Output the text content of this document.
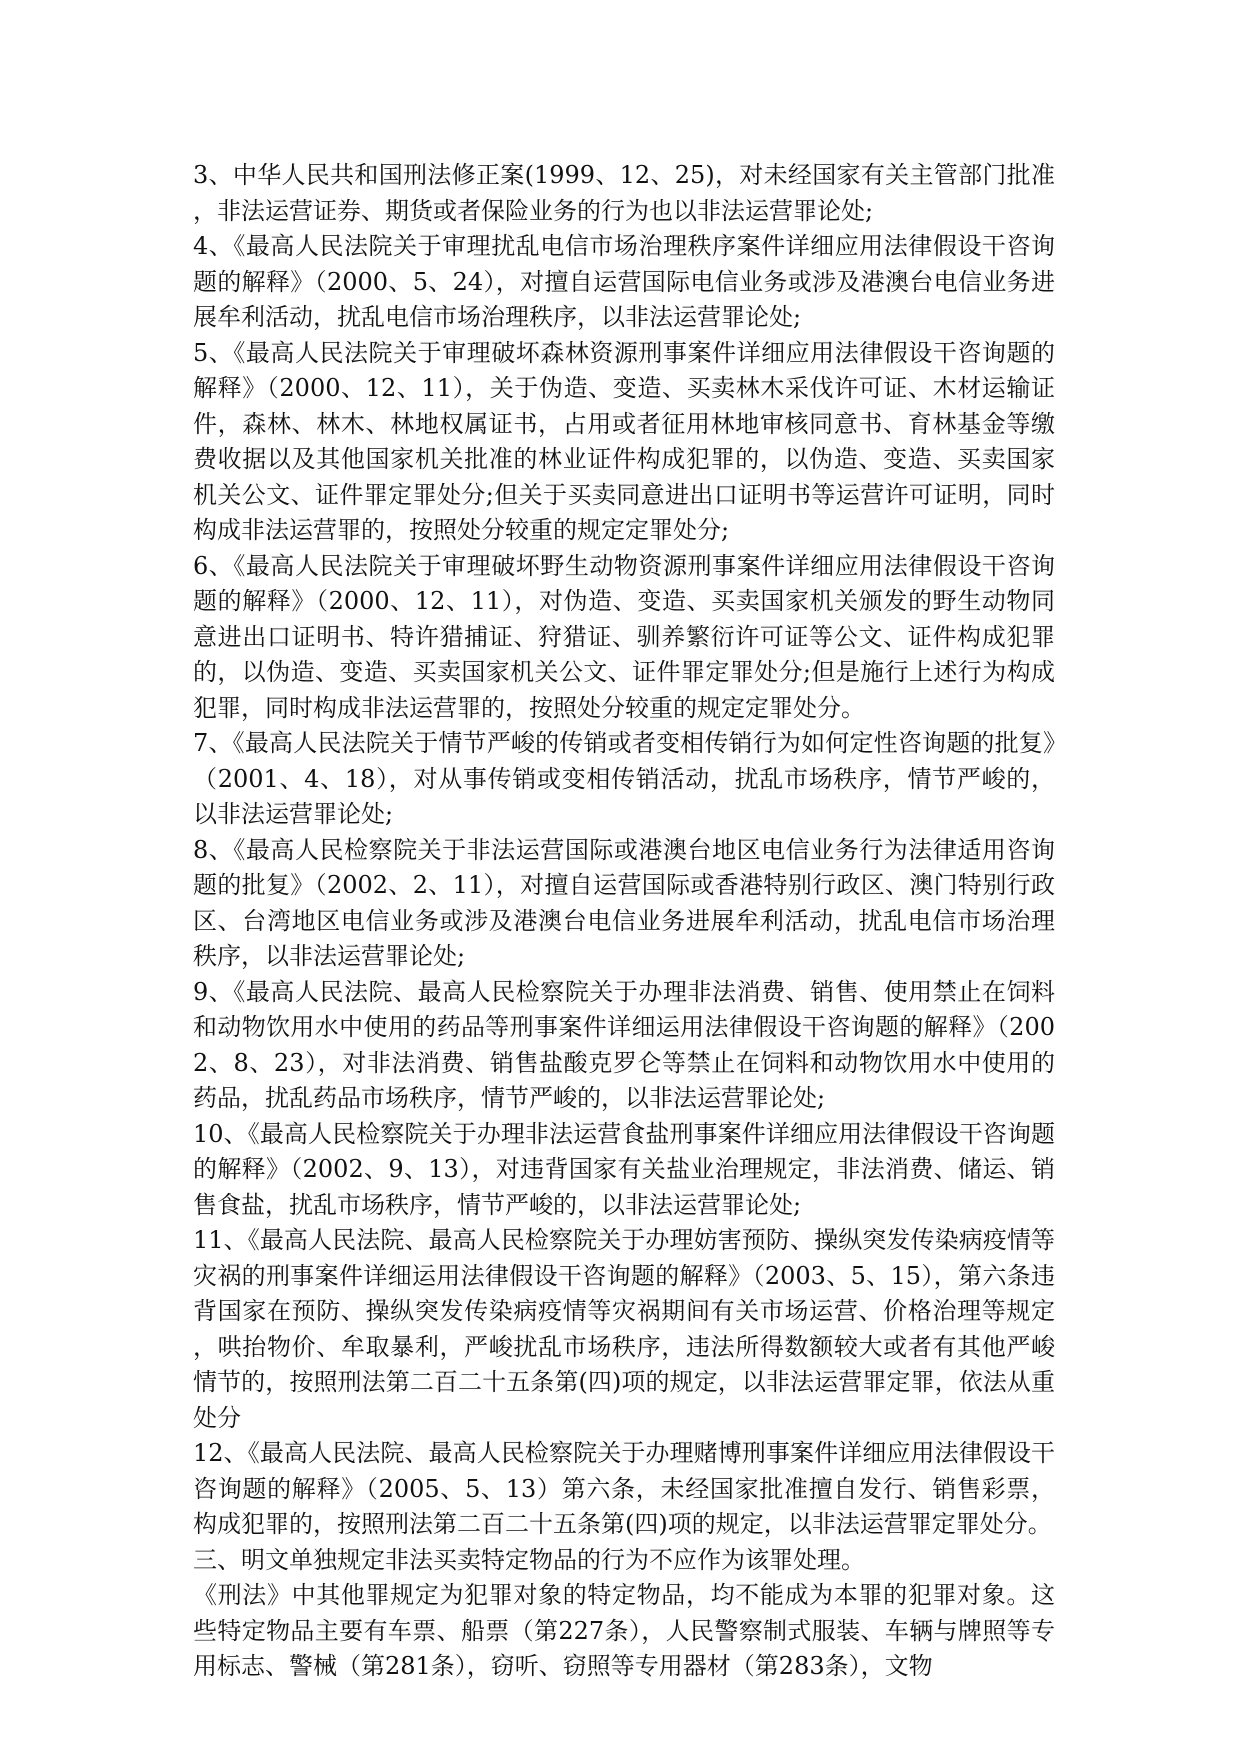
3、中华人民共和国刑法修正案(1999、12、25)，对未经国家有关主管部门批准，非法运营证券、期货或者保险业务的行为也以非法运营罪论处;

4、《最高人民法院关于审理扰乱电信市场治理秩序案件详细应用法律假设干咨询题的解释》（2000、5、24），对擅自运营国际电信业务或涉及港澳台电信业务进展牟利活动，扰乱电信市场治理秩序，以非法运营罪论处;

5、《最高人民法院关于审理破坏森林资源刑事案件详细应用法律假设干咨询题的解释》（2000、12、11），关于伪造、变造、买卖林木采伐许可证、木材运输证件，森林、林木、林地权属证书，占用或者征用林地审核同意书、育林基金等缴费收据以及其他国家机关批准的林业证件构成犯罪的，以伪造、变造、买卖国家机关公文、证件罪定罪处分;但关于买卖同意进出口证明书等运营许可证明，同时构成非法运营罪的，按照处分较重的规定定罪处分;

6、《最高人民法院关于审理破坏野生动物资源刑事案件详细应用法律假设干咨询题的解释》（2000、12、11），对伪造、变造、买卖国家机关颁发的野生动物同意进出口证明书、特许猎捕证、狩猎证、驯养繁衍许可证等公文、证件构成犯罪的，以伪造、变造、买卖国家机关公文、证件罪定罪处分;但是施行上述行为构成犯罪，同时构成非法运营罪的，按照处分较重的规定定罪处分。

7、《最高人民法院关于情节严峻的传销或者变相传销行为如何定性咨询题的批复》（2001、4、18），对从事传销或变相传销活动，扰乱市场秩序，情节严峻的，以非法运营罪论处;

8、《最高人民检察院关于非法运营国际或港澳台地区电信业务行为法律适用咨询题的批复》（2002、2、11），对擅自运营国际或香港特别行政区、澳门特别行政区、台湾地区电信业务或涉及港澳台电信业务进展牟利活动，扰乱电信市场治理秩序，以非法运营罪论处;

9、《最高人民法院、最高人民检察院关于办理非法消费、销售、使用禁止在饲料和动物饮用水中使用的药品等刑事案件详细运用法律假设干咨询题的解释》（2002、8、23），对非法消费、销售盐酸克罗仑等禁止在饲料和动物饮用水中使用的药品，扰乱药品市场秩序，情节严峻的，以非法运营罪论处;

10、《最高人民检察院关于办理非法运营食盐刑事案件详细应用法律假设干咨询题的解释》（2002、9、13），对违背国家有关盐业治理规定，非法消费、储运、销售食盐，扰乱市场秩序，情节严峻的，以非法运营罪论处;

11、《最高人民法院、最高人民检察院关于办理妨害预防、操纵突发传染病疫情等灾祸的刑事案件详细运用法律假设干咨询题的解释》（2003、5、15），第六条违背国家在预防、操纵突发传染病疫情等灾祸期间有关市场运营、价格治理等规定，哄抬物价、牟取暴利，严峻扰乱市场秩序，违法所得数额较大或者有其他严峻情节的，按照刑法第二百二十五条第(四)项的规定，以非法运营罪定罪，依法从重处分

12、《最高人民法院、最高人民检察院关于办理赌博刑事案件详细应用法律假设干咨询题的解释》（2005、5、13）第六条，未经国家批准擅自发行、销售彩票，构成犯罪的，按照刑法第二百二十五条第(四)项的规定，以非法运营罪定罪处分。

三、明文单独规定非法买卖特定物品的行为不应作为该罪处理。

《刑法》中其他罪规定为犯罪对象的特定物品，均不能成为本罪的犯罪对象。这些特定物品主要有车票、船票（第227条），人民警察制式服装、车辆与牌照等专用标志、警械（第281条），窃听、窃照等专用器材（第283条），文物
